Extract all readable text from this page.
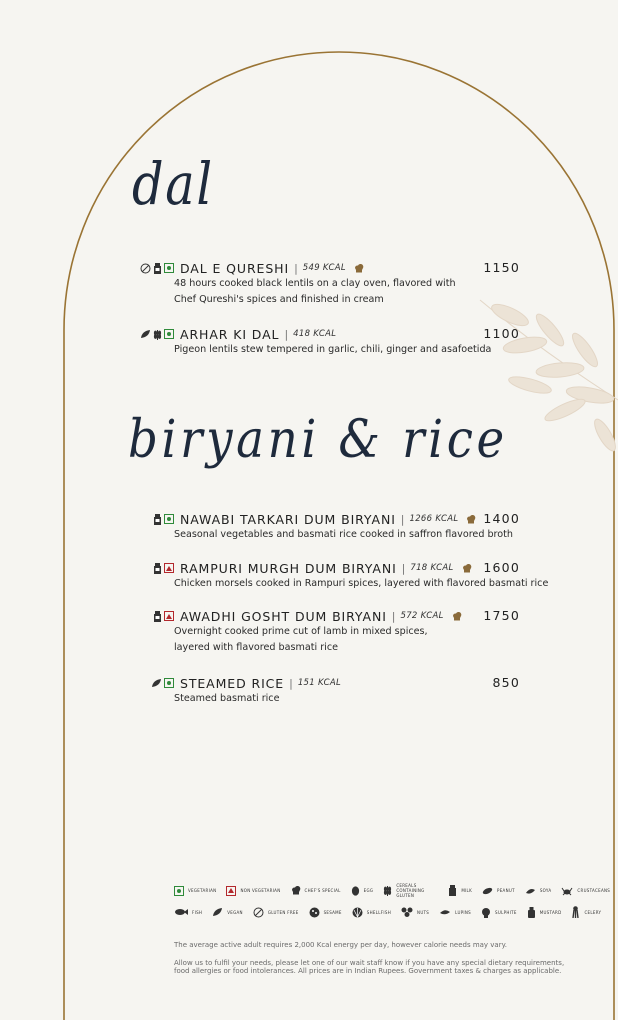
dal
DAL E QURESHI | 549 KCAL	1150
48 hours cooked black lentils on a clay oven, flavored with
Chef Qureshi's spices and finished in cream
ARHAR KI DAL | 418 KCAL	1100
Pigeon lentils stew tempered in garlic, chili, ginger and asafoetida
biryani & rice
NAWABI TARKARI DUM BIRYANI | 1266 KCAL 1400
Seasonal vegetables and basmati rice cooked in saffron flavored broth
RAMPURI MURGH DUM BIRYANI | 718 KCAL 1600
Chicken morsels cooked in Rampuri spices, layered with flavored basmati rice
AWADHI GOSHT DUM BIRYANI | 572 KCAL	1750
Overnight cooked prime cut of lamb in mixed spices,
layered with flavored basmati rice
STEAMED RICE | 151 KCAL	850
Steamed basmati rice
VEGETARIAN	NON VEGETARIAN	CHEF'S SPECIAL	EGG
CEREALS CONTAINING GLUTEN
MILK	PEANUT	SOYA	CRUSTACEANS
FISH	VEGAN	GLUTEN FREE	SESAME	SHELLFISH	NUTS	LUPINS	SULPHITE	MUSTARD	CELERY
The average active adult requires 2,000 Kcal energy per day, however calorie needs may vary.
Allow us to fulfil your needs, please let one of our wait staff know if you have any special dietary requirements,
food allergies or food intolerances. All prices are in Indian Rupees. Government taxes & charges as applicable.
